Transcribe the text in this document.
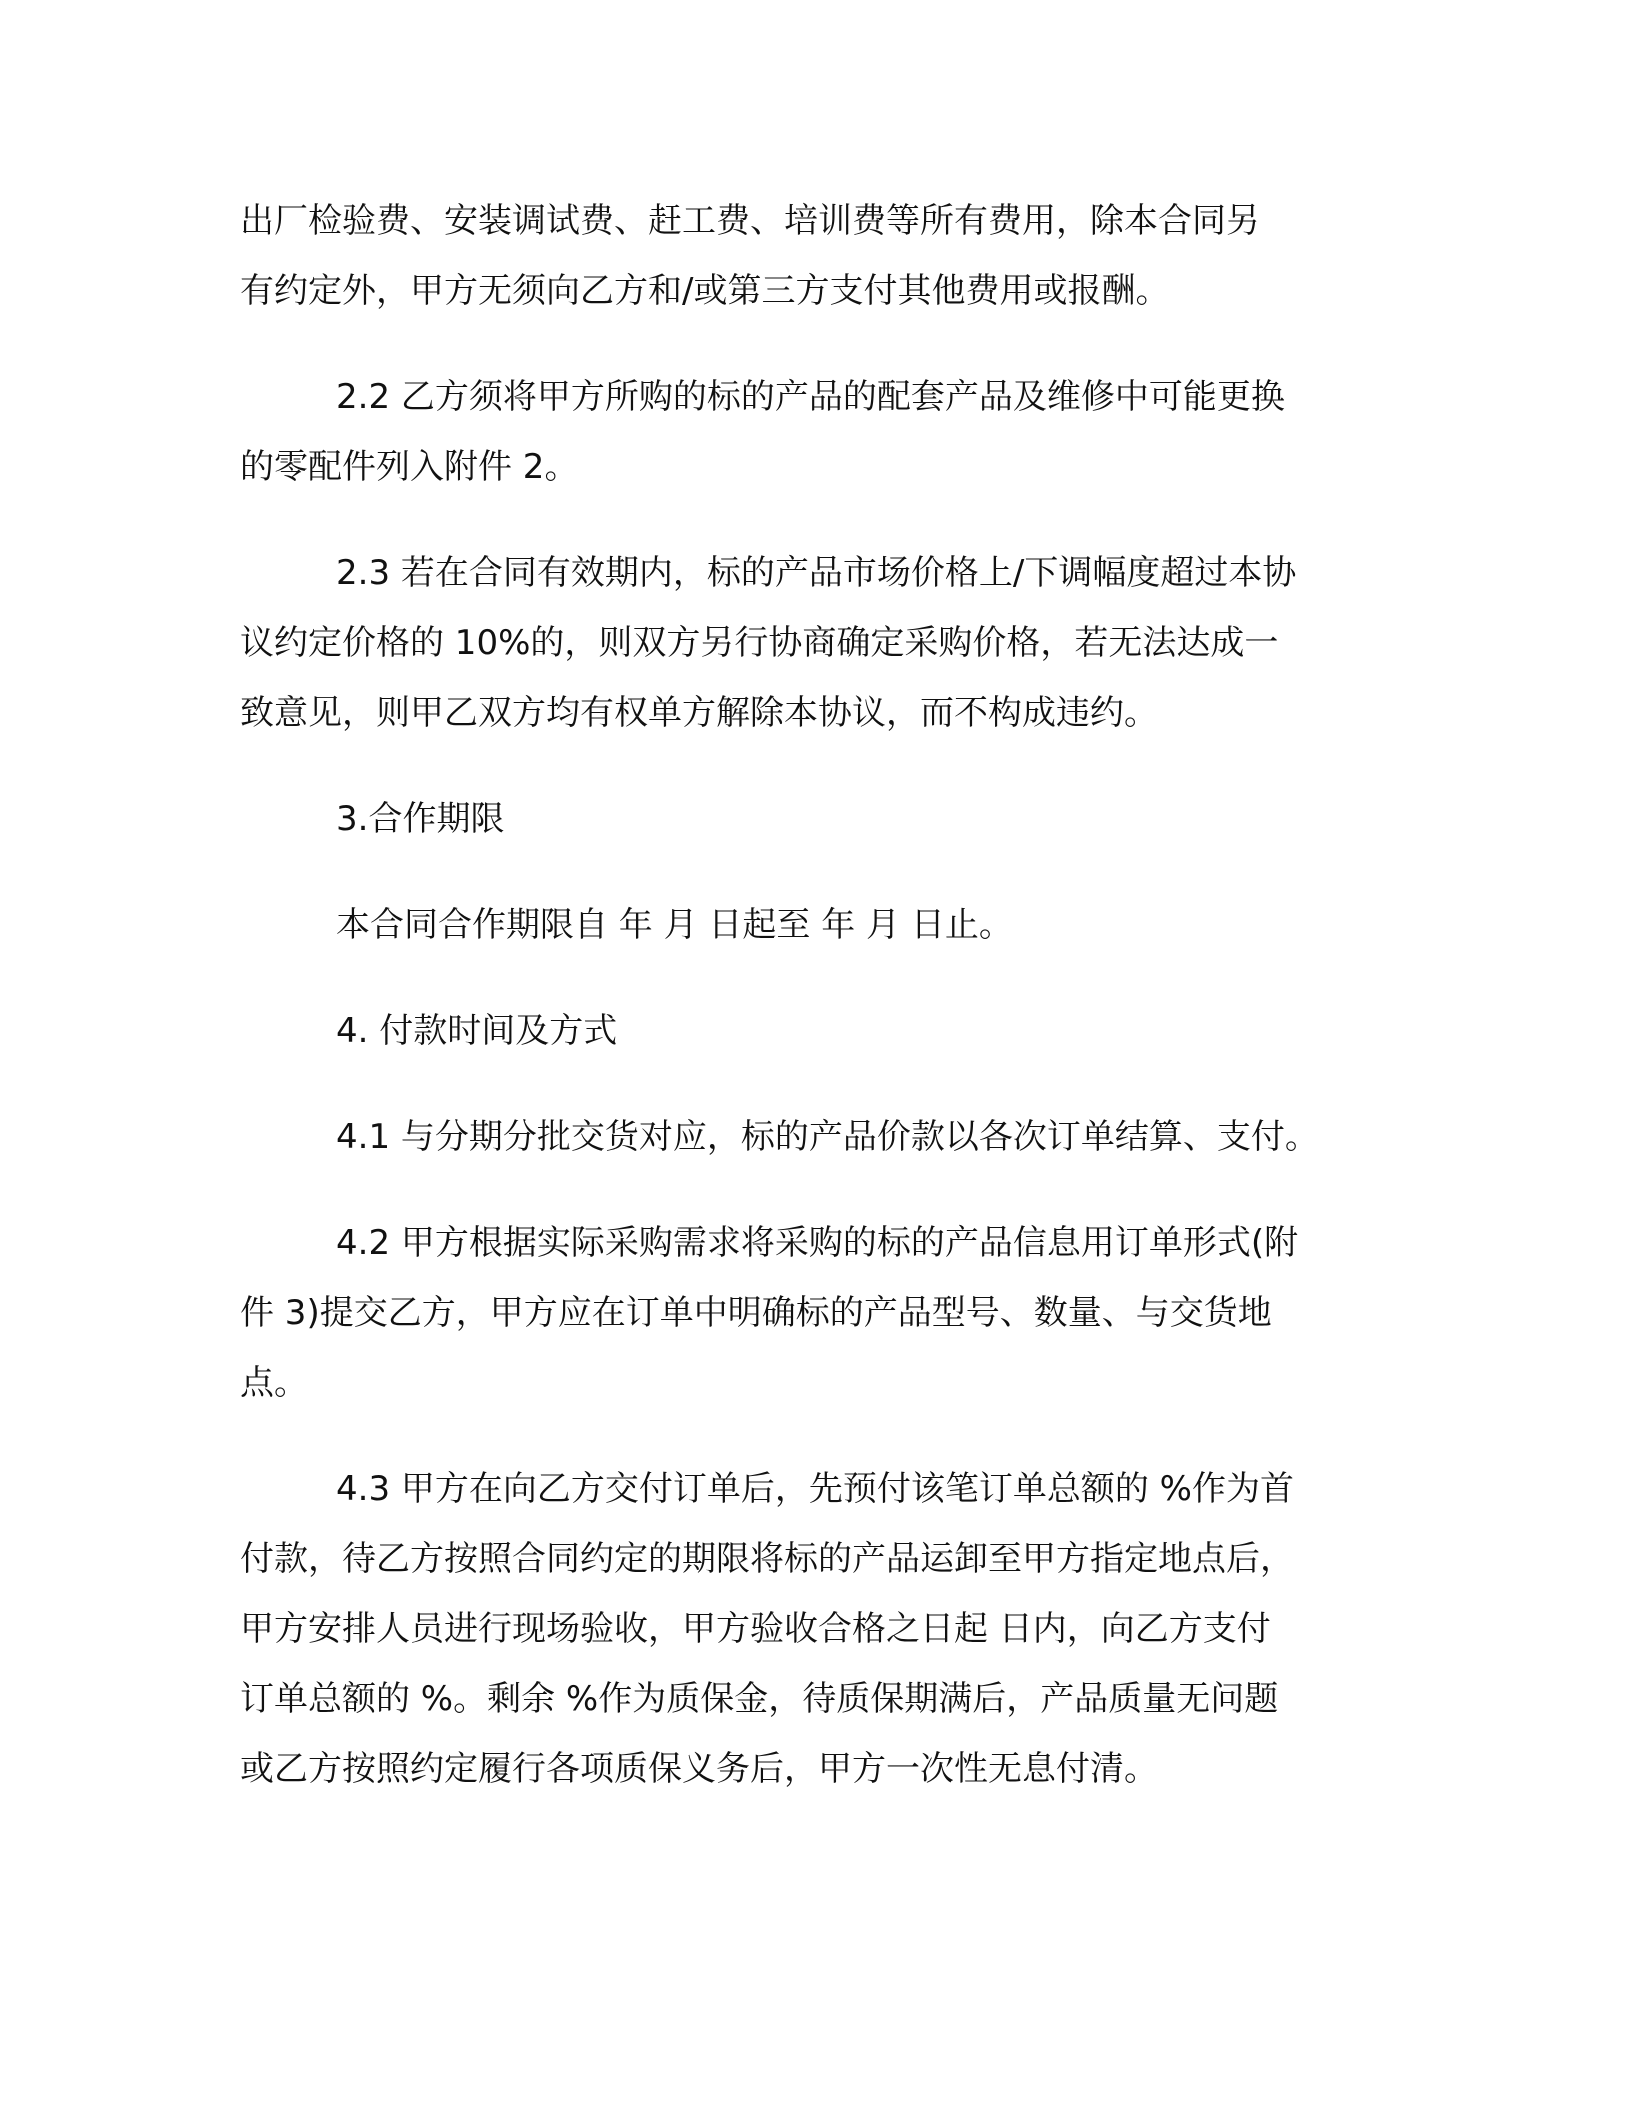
出厂检验费、安装调试费、赶工费、培训费等所有费用，除本合同另
有约定外，甲方无须向乙方和/或第三方支付其他费用或报酬。
2.2 乙方须将甲方所购的标的产品的配套产品及维修中可能更换
的零配件列入附件 2。
2.3 若在合同有效期内，标的产品市场价格上/下调幅度超过本协
议约定价格的 10%的，则双方另行协商确定采购价格，若无法达成一
致意见，则甲乙双方均有权单方解除本协议，而不构成违约。
3.合作期限
本合同合作期限自 年 月 日起至 年 月 日止。
4. 付款时间及方式
4.1 与分期分批交货对应，标的产品价款以各次订单结算、支付。
4.2 甲方根据实际采购需求将采购的标的产品信息用订单形式(附
件 3)提交乙方，甲方应在订单中明确标的产品型号、数量、与交货地
点。
4.3 甲方在向乙方交付订单后，先预付该笔订单总额的 %作为首
付款，待乙方按照合同约定的期限将标的产品运卸至甲方指定地点后，
甲方安排人员进行现场验收，甲方验收合格之日起 日内，向乙方支付
订单总额的 %。剩余 %作为质保金，待质保期满后，产品质量无问题
或乙方按照约定履行各项质保义务后，甲方一次性无息付清。
